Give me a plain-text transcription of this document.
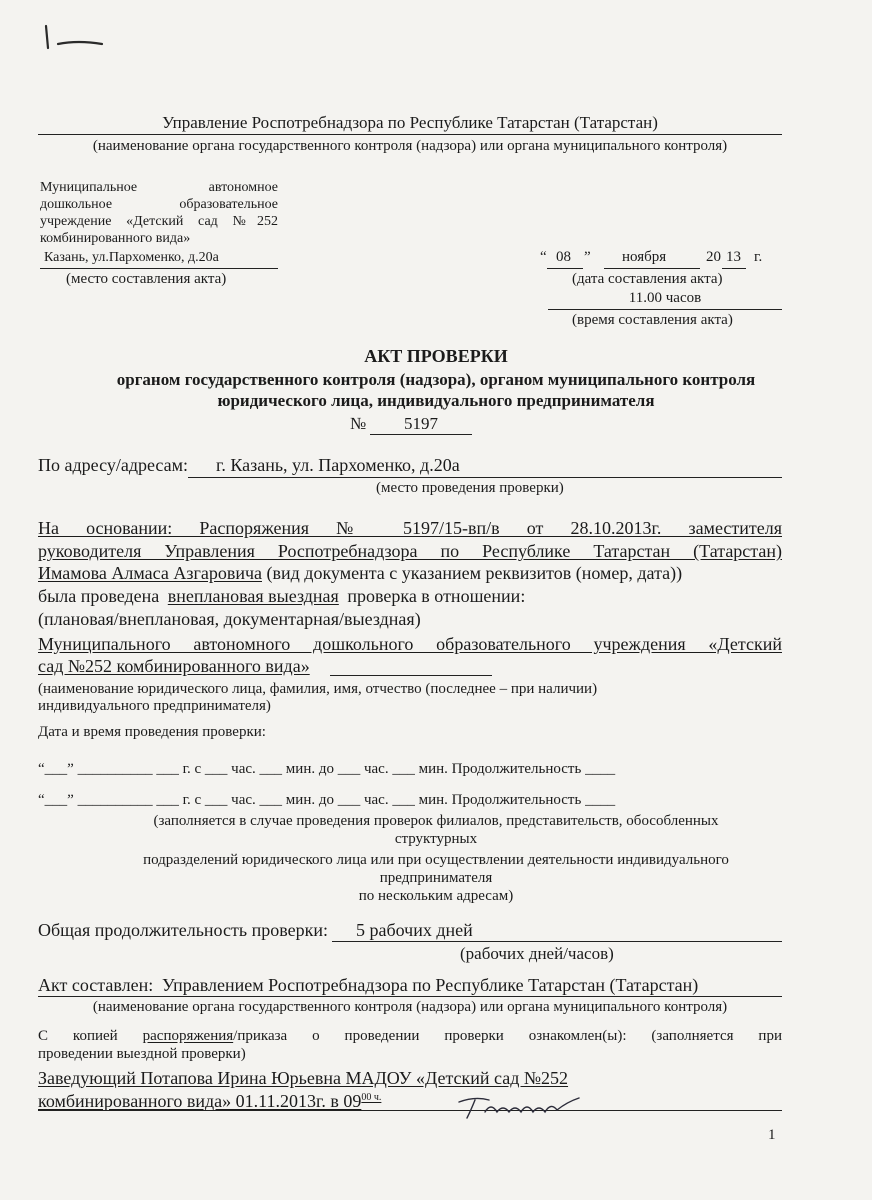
Управление Роспотребнадзора по Республике Татарстан (Татарстан)
(наименование органа государственного контроля (надзора) или органа муниципального контроля)
Муниципальное автономное
дошкольное образовательное
учреждение «Детский сад №252
комбинированного вида»
Казань, ул.Пархоменко, д.20а
(место составления акта)
“ 08 ” ноября	20 13 г.
(дата составления акта)
11.00 часов
(время составления акта)
АКТ ПРОВЕРКИ
органом государственного контроля (надзора), органом муниципального контроля
юридического лица, индивидуального предпринимателя
№	5197
По адресу/адресам: г. Казань, ул. Пархоменко, д.20а
(место проведения проверки)
На основании: Распоряжения № 5197/15-вп/в от 28.10.2013г. заместителя
руководителя Управления Роспотребнадзора по Республике Татарстан (Татарстан)
Имамова Алмаса Азгаровича (вид документа с указанием реквизитов (номер, дата))
была проведена внеплановая выездная проверка в отношении:
(плановая/внеплановая, документарная/выездная)
Муниципального автономного дошкольного образовательного учреждения «Детский
сад №252 комбинированного вида»
(наименование юридического лица, фамилия, имя, отчество (последнее – при наличии)
индивидуального предпринимателя)
Дата и время проведения проверки:
“___” __________ ___ г. с ___ час. ___ мин. до ___ час. ___ мин. Продолжительность ____
“___” __________ ___ г. с ___ час. ___ мин. до ___ час. ___ мин. Продолжительность ____
(заполняется в случае проведения проверок филиалов, представительств, обособленных
структурных
подразделений юридического лица или при осуществлении деятельности индивидуального
предпринимателя
по нескольким адресам)
Общая продолжительность проверки: 5 рабочих дней
(рабочих дней/часов)
Акт составлен: Управлением Роспотребнадзора по Республике Татарстан (Татарстан)
(наименование органа государственного контроля (надзора) или органа муниципального контроля)
С копией распоряжения/приказа о проведении проверки ознакомлен(ы): (заполняется при
проведении выездной проверки)
Заведующий Потапова Ирина Юрьевна МАДОУ «Детский сад №252
комбинированного вида» 01.11.2013г. в $09^{00 ч.}$
1
